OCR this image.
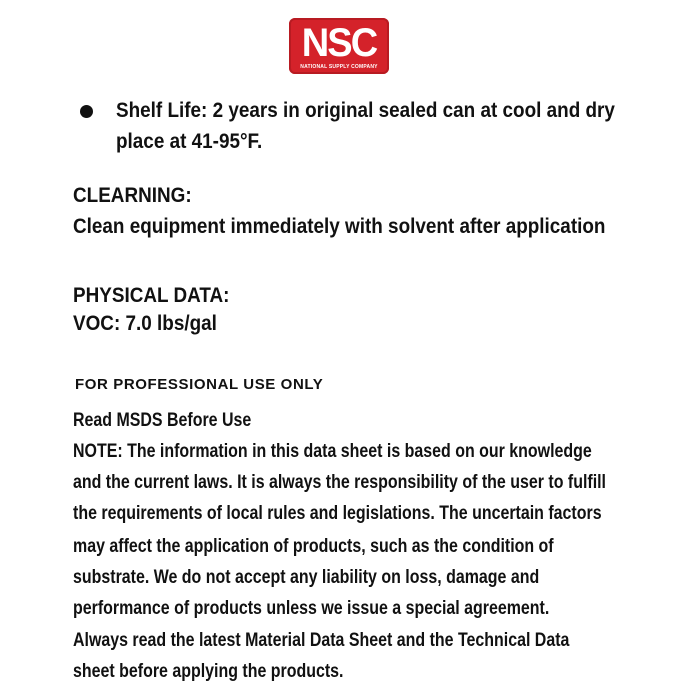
NSC
NATIONAL SUPPLY COMPANY
Shelf Life: 2 years in original sealed can at cool and dry
place at 41-95°F.
CLEARNING:
Clean equipment immediately with solvent after application
PHYSICAL DATA:
VOC: 7.0 lbs/gal
FOR PROFESSIONAL USE ONLY
Read MSDS Before Use
NOTE: The information in this data sheet is based on our knowledge
and the current laws. It is always the responsibility of the user to fulfill
the requirements of local rules and legislations. The uncertain factors
may affect the application of products, such as the condition of
substrate. We do not accept any liability on loss, damage and
performance of products unless we issue a special agreement.
Always read the latest Material Data Sheet and the Technical Data
sheet before applying the products.
